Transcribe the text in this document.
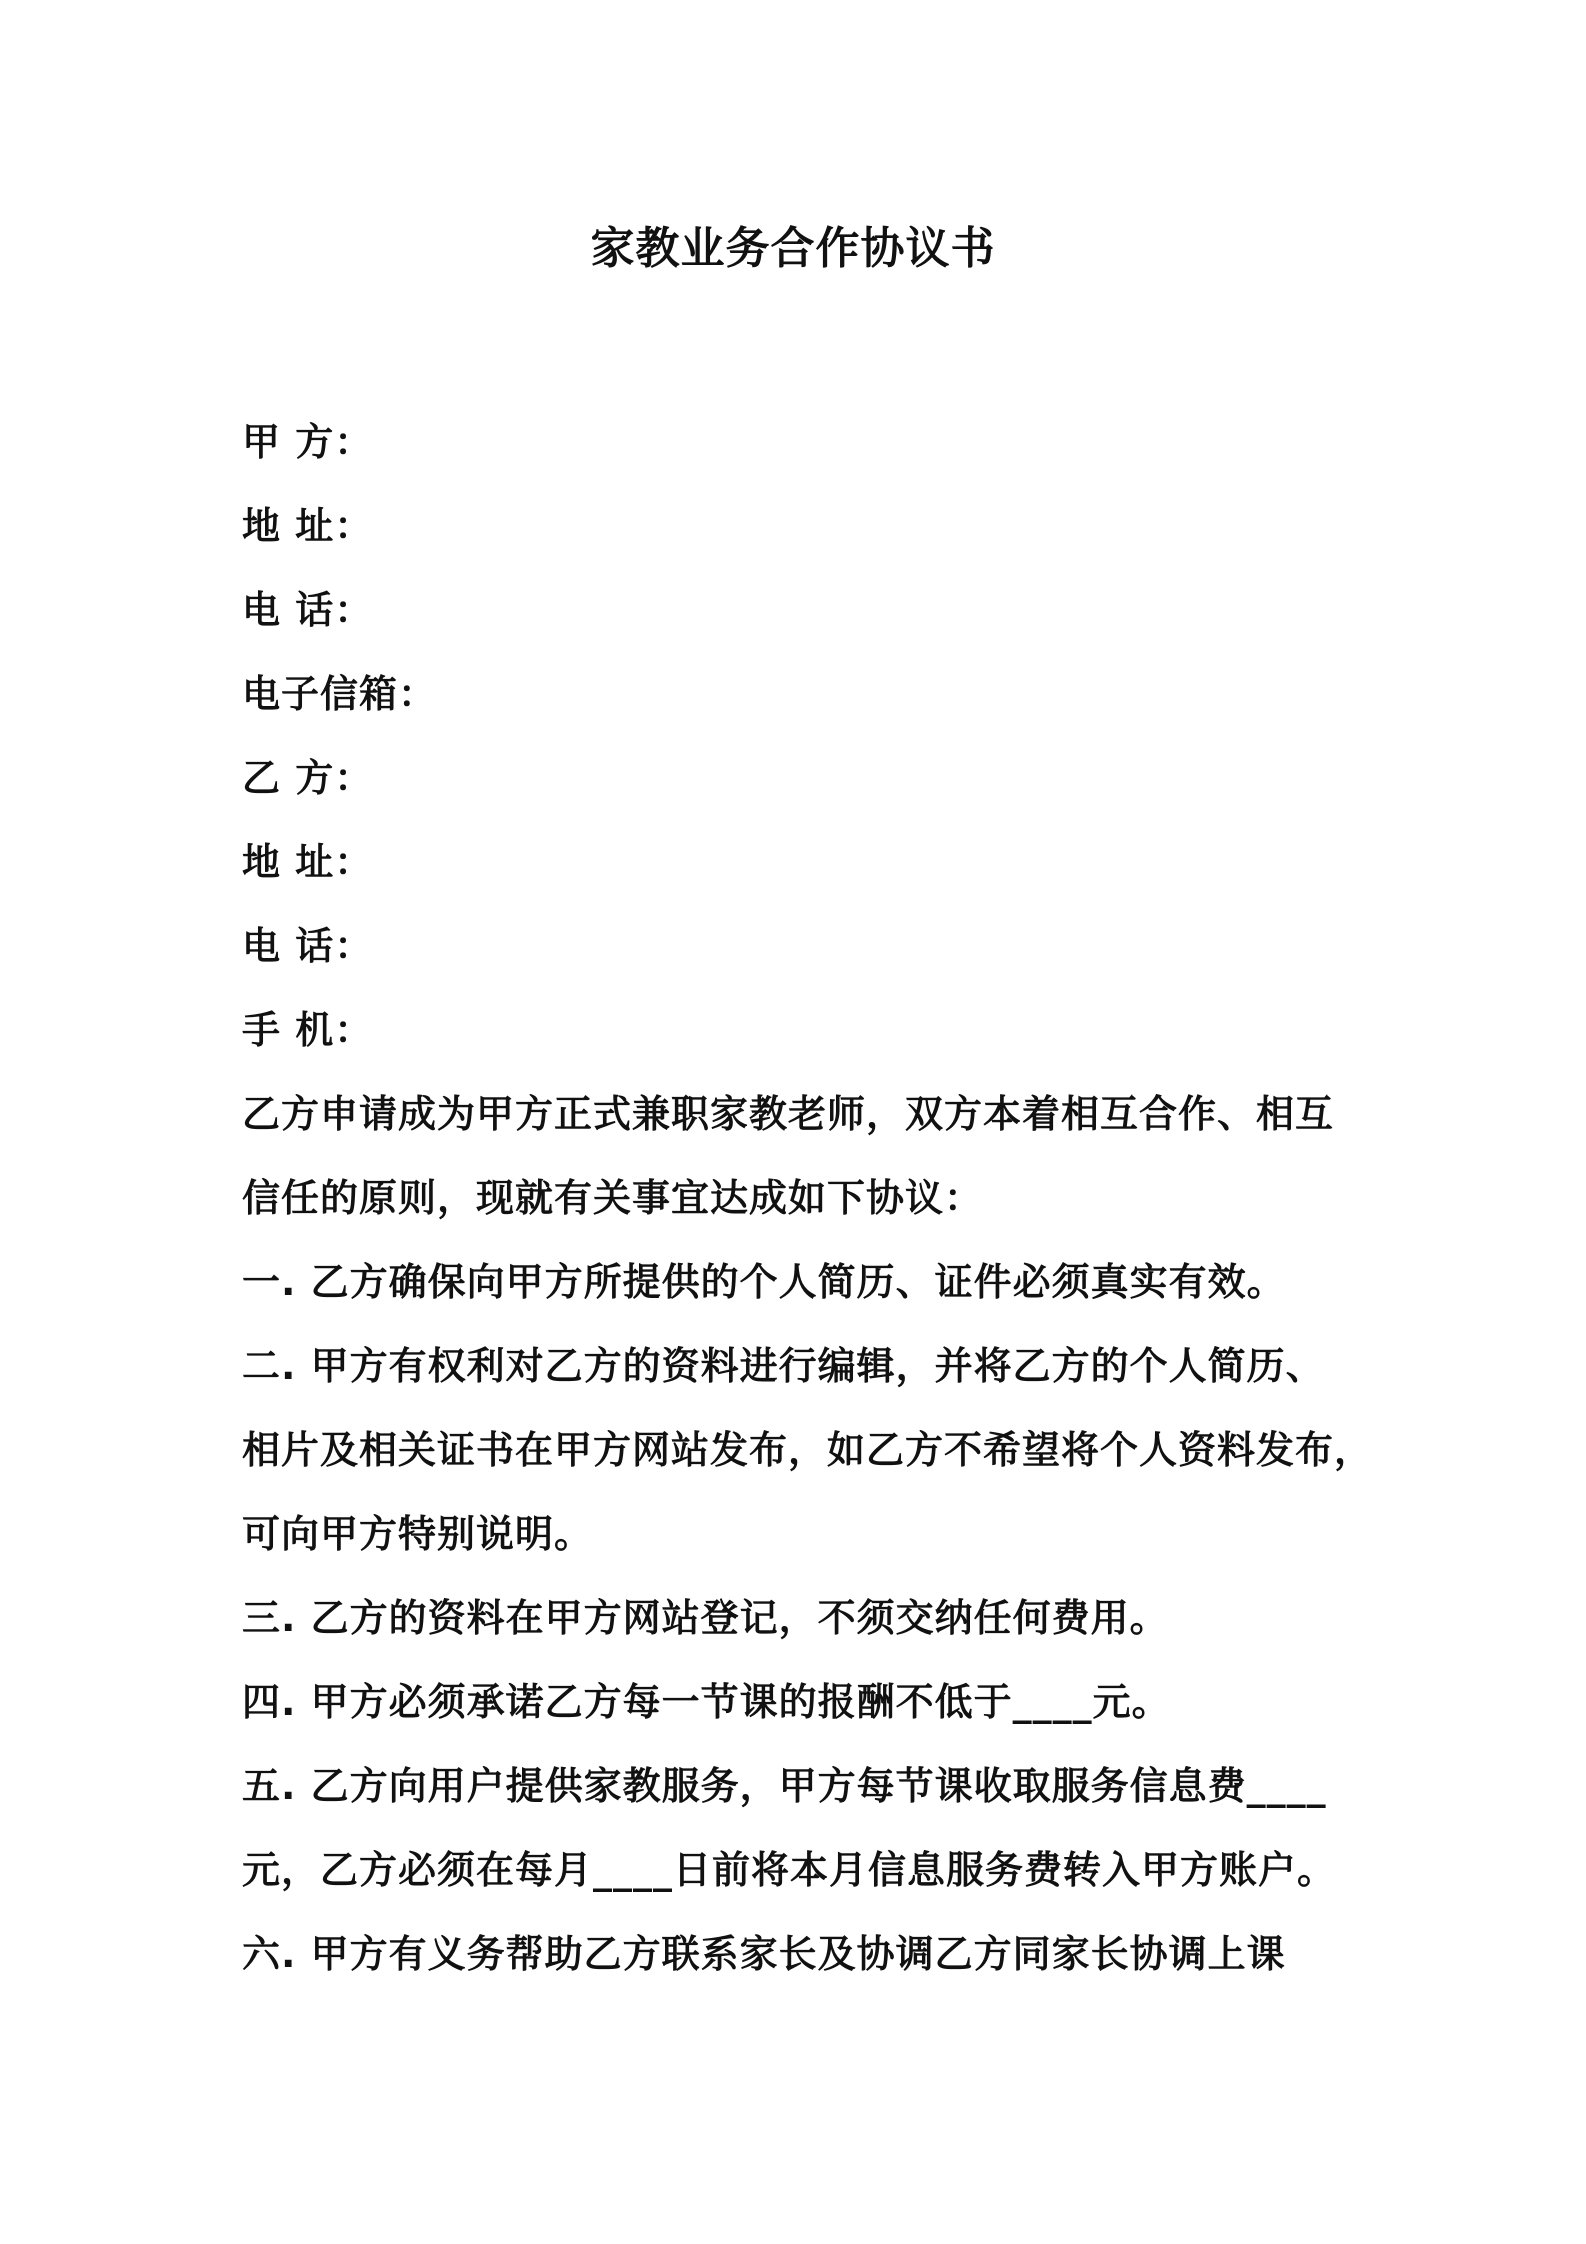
家教业务合作协议书
甲 方：
地 址：
电 话：
电子信箱：
乙 方：
地 址：
电 话：
手 机：
乙方申请成为甲方正式兼职家教老师，双方本着相互合作、相互
信任的原则，现就有关事宜达成如下协议：
一. 乙方确保向甲方所提供的个人简历、证件必须真实有效。
二. 甲方有权利对乙方的资料进行编辑，并将乙方的个人简历、
相片及相关证书在甲方网站发布，如乙方不希望将个人资料发布，
可向甲方特别说明。
三. 乙方的资料在甲方网站登记，不须交纳任何费用。
四. 甲方必须承诺乙方每一节课的报酬不低于____元。
五. 乙方向用户提供家教服务，甲方每节课收取服务信息费____
元，乙方必须在每月____日前将本月信息服务费转入甲方账户。
六. 甲方有义务帮助乙方联系家长及协调乙方同家长协调上课
